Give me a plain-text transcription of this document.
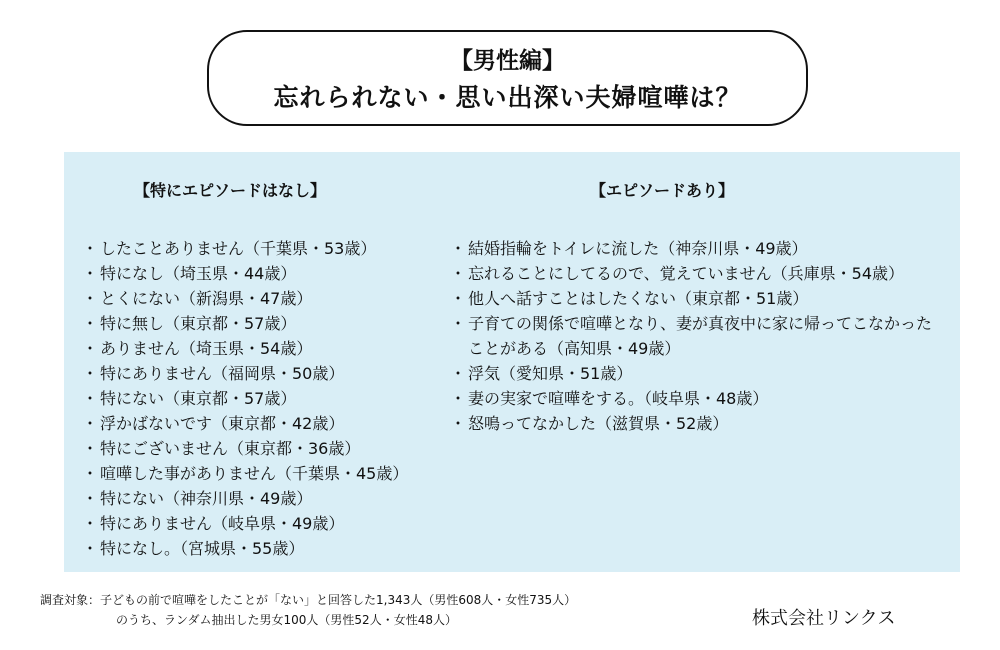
【男性編】
忘れられない・思い出深い夫婦喧嘩は？
【特にエピソードはなし】	【エピソードあり】
・ したことありません（千葉県・53歳）
・ 特になし（埼玉県・44歳）
・ とくにない（新潟県・47歳）
・ 特に無し（東京都・57歳）
・ ありません（埼玉県・54歳）
・ 特にありません（福岡県・50歳）
・ 特にない（東京都・57歳）
・ 浮かばないです（東京都・42歳）
・ 特にございません（東京都・36歳）
・ 喧嘩した事がありません（千葉県・45歳）
・ 特にない（神奈川県・49歳）
・ 特にありません（岐阜県・49歳）
・ 特になし。（宮城県・55歳）
・ 結婚指輪をトイレに流した（神奈川県・49歳）
・ 忘れることにしてるので、覚えていません（兵庫県・54歳）
・ 他人へ話すことはしたくない（東京都・51歳）
・ 子育ての関係で喧嘩となり、妻が真夜中に家に帰ってこなかったことがある（高知県・49歳）
・ 浮気（愛知県・51歳）
・ 妻の実家で喧嘩をする。（岐阜県・48歳）
・ 怒鳴ってなかした（滋賀県・52歳）
調査対象：子どもの前で喧嘩をしたことが「ない」と回答した1,343人（男性608人・女性735人）
のうち、ランダム抽出した男女100人（男性52人・女性48人）	株式会社リンクス
